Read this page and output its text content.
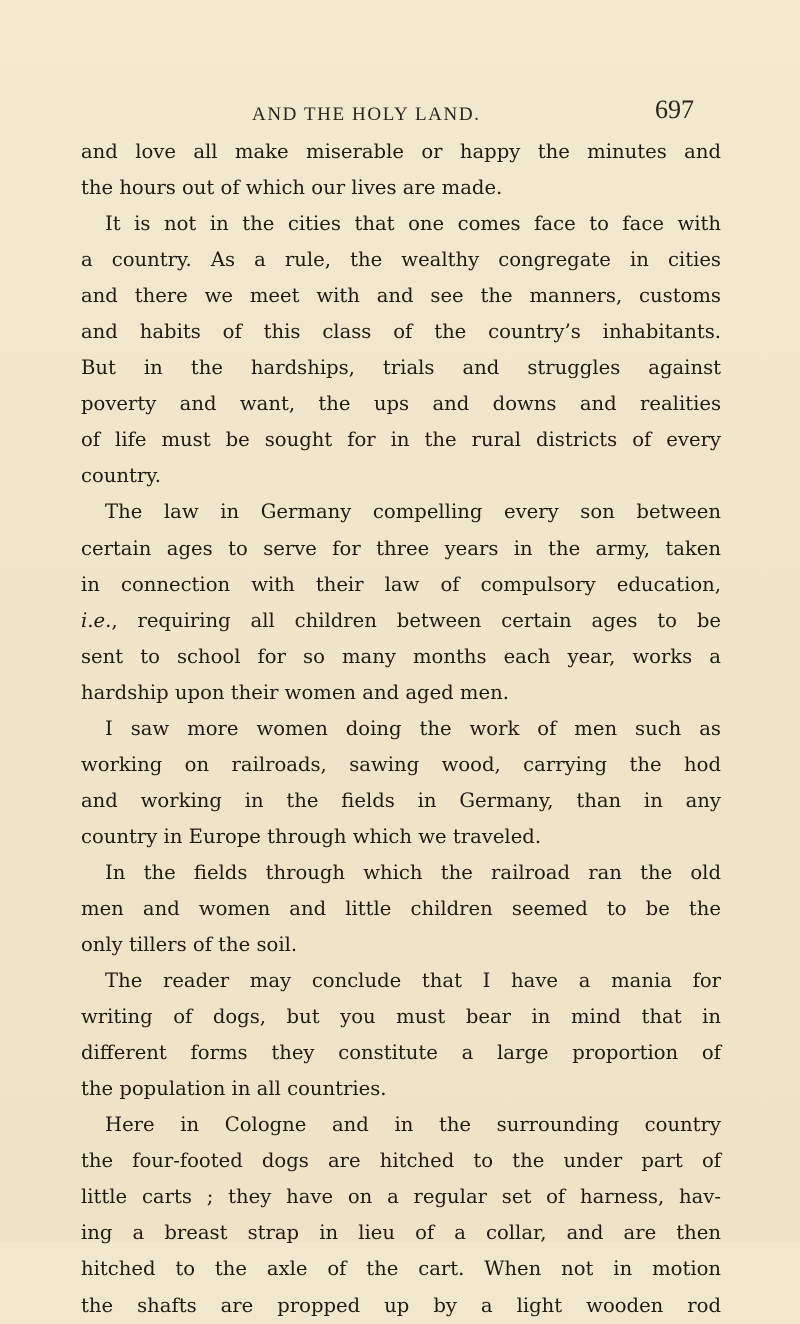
AND THE HOLY LAND.	697
and love all make miserable or happy the minutes and
the hours out of which our lives are made.
It is not in the cities that one comes face to face with
a country. As a rule, the wealthy congregate in cities
and there we meet with and see the manners, customs
and habits of this class of the country’s inhabitants.
But in the hardships, trials and struggles against
poverty and want, the ups and downs and realities
of life must be sought for in the rural districts of every
country.
The law in Germany compelling every son between
certain ages to serve for three years in the army, taken
in connection with their law of compulsory education,
i.e., requiring all children between certain ages to be
sent to school for so many months each year, works a
hardship upon their women and aged men.
I saw more women doing the work of men such as
working on railroads, sawing wood, carrying the hod
and working in the fields in Germany, than in any
country in Europe through which we traveled.
In the fields through which the railroad ran the old
men and women and little children seemed to be the
only tillers of the soil.
The reader may conclude that I have a mania for
writing of dogs, but you must bear in mind that in
different forms they constitute a large proportion of
the population in all countries.
Here in Cologne and in the surrounding country
the four-footed dogs are hitched to the under part of
little carts ; they have on a regular set of harness, hav-
ing a breast strap in lieu of a collar, and are then
hitched to the axle of the cart. When not in motion
the shafts are propped up by a light wooden rod
